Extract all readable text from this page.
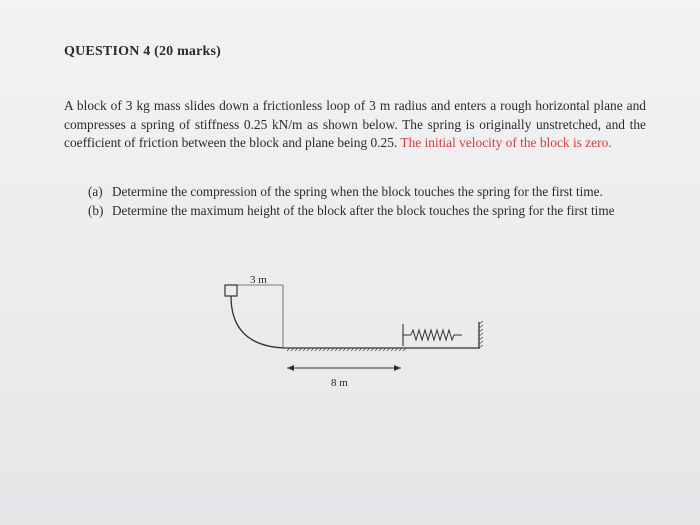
QUESTION 4 (20 marks)
A block of 3 kg mass slides down a frictionless loop of 3 m radius and enters a rough horizontal plane and compresses a spring of stiffness 0.25 kN/m as shown below. The spring is originally unstretched, and the coefficient of friction between the block and plane being 0.25. The initial velocity of the block is zero.
(a) Determine the compression of the spring when the block touches the spring for the first time.
(b) Determine the maximum height of the block after the block touches the spring for the first time
3 m
8 m
